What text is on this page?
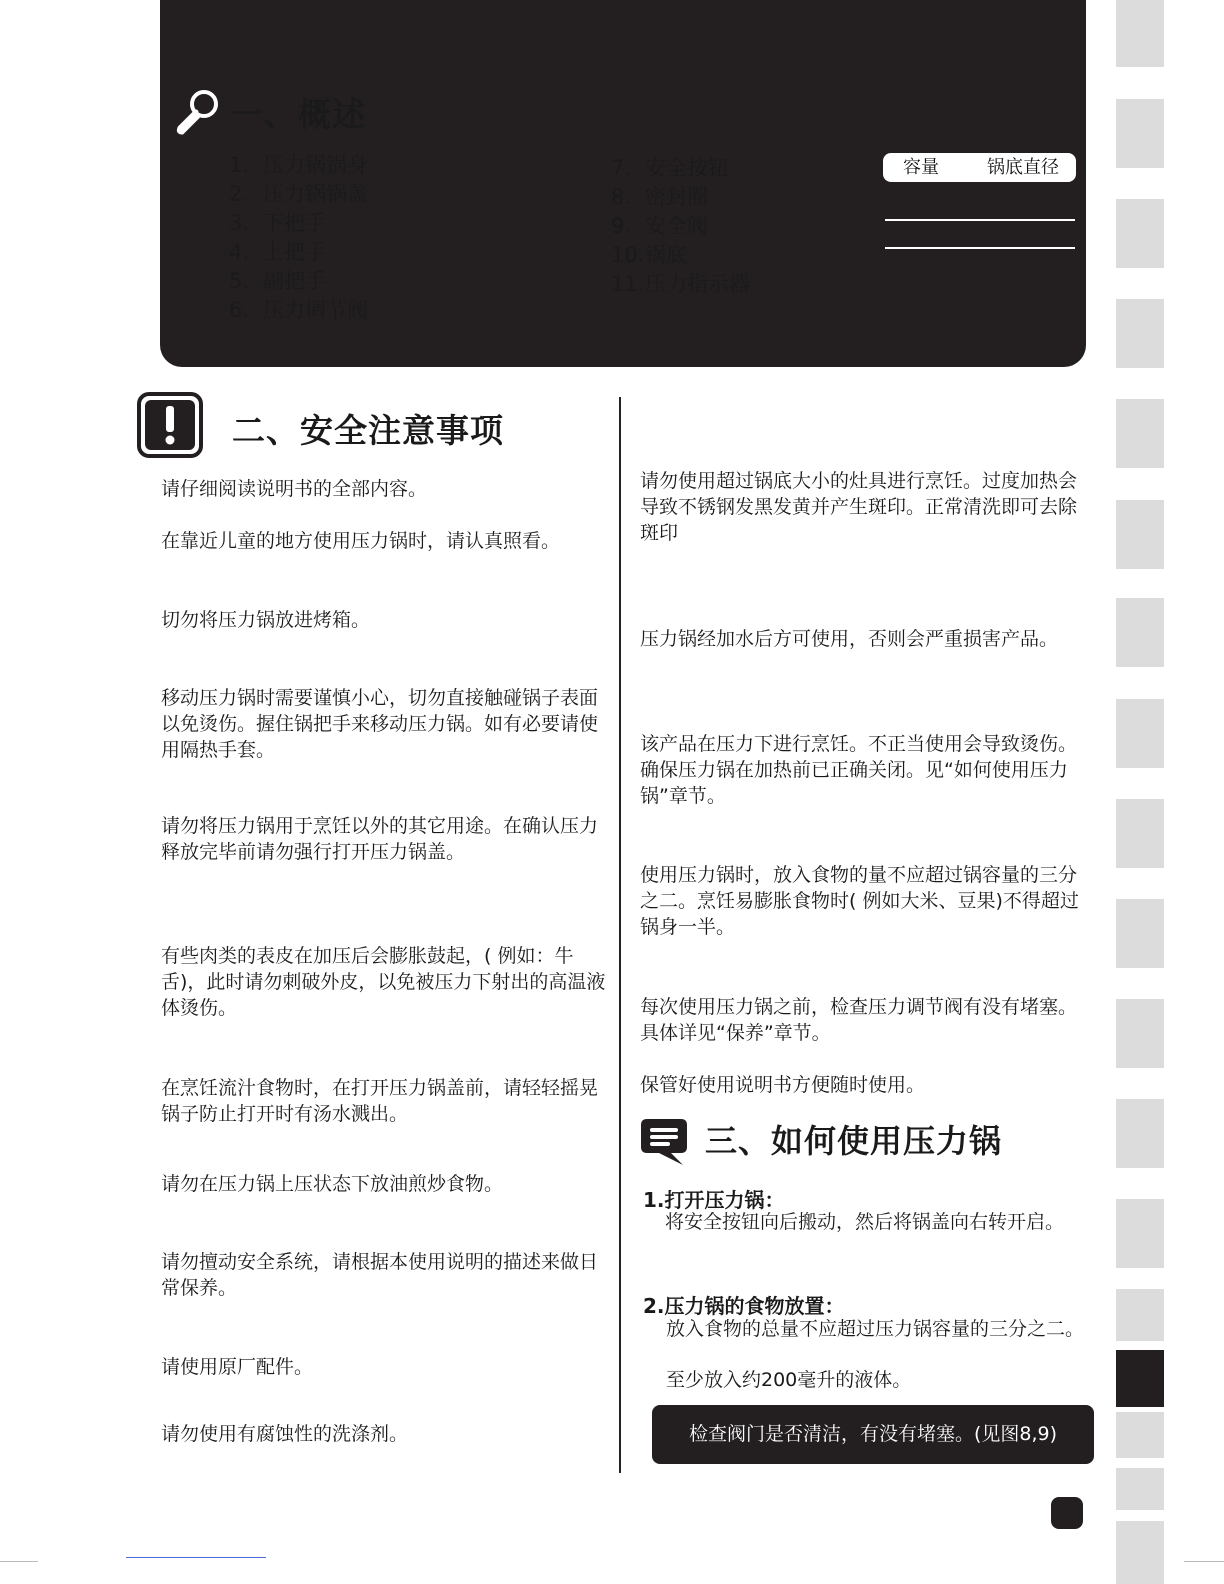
一、概述
1. 压力锅锅身
2. 压力锅锅盖
3. 下把手
4. 上把手
5. 副把手
6. 压力调节阀
7. 安全按钮
8. 密封圈
9. 安全阀
10. 锅底
11. 压力指示器
容量	锅底直径
二、安全注意事项

请仔细阅读说明书的全部内容。

在靠近儿童的地方使用压力锅时，请认真照看。

切勿将压力锅放进烤箱。

移动压力锅时需要谨慎小心，切勿直接触碰锅子表面以免烫伤。握住锅把手来移动压力锅。如有必要请使用隔热手套。

请勿将压力锅用于烹饪以外的其它用途。在确认压力释放完毕前请勿强行打开压力锅盖。

有些肉类的表皮在加压后会膨胀鼓起，( 例如：牛舌)，此时请勿刺破外皮，以免被压力下射出的高温液体烫伤。

在烹饪流汁食物时，在打开压力锅盖前，请轻轻摇晃锅子防止打开时有汤水溅出。

请勿在压力锅上压状态下放油煎炒食物。

请勿擅动安全系统，请根据本使用说明的描述来做日常保养。

请使用原厂配件。

请勿使用有腐蚀性的洗涤剂。

请勿使用超过锅底大小的灶具进行烹饪。过度加热会导致不锈钢发黑发黄并产生斑印。正常清洗即可去除斑印

压力锅经加水后方可使用，否则会严重损害产品。

该产品在压力下进行烹饪。不正当使用会导致烫伤。确保压力锅在加热前已正确关闭。见“如何使用压力锅”章节。

使用压力锅时，放入食物的量不应超过锅容量的三分之二。烹饪易膨胀食物时( 例如大米、豆果)不得超过锅身一半。

每次使用压力锅之前，检查压力调节阀有没有堵塞。具体详见“保养”章节。

保管好使用说明书方便随时使用。

三、如何使用压力锅
1.打开压力锅：

将安全按钮向后搬动，然后将锅盖向右转开启。

2.压力锅的食物放置：

放入食物的总量不应超过压力锅容量的三分之二。

至少放入约200毫升的液体。

检查阀门是否清洁，有没有堵塞。(见图8,9)
